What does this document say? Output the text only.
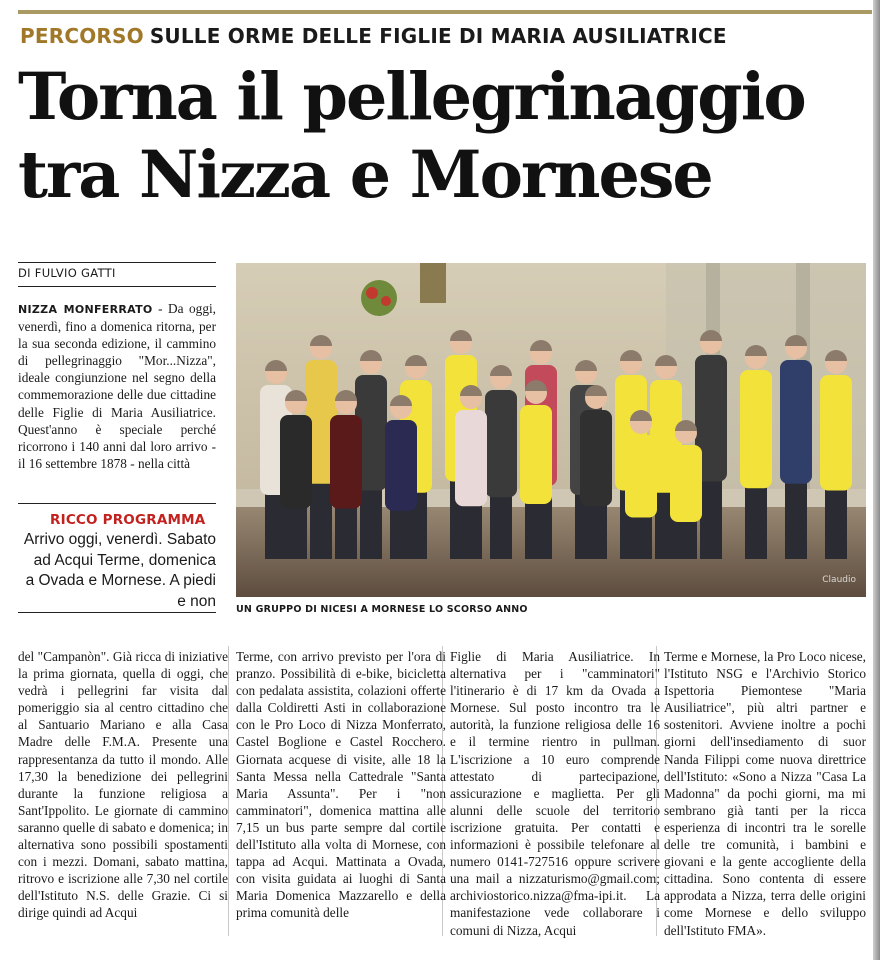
PERCORSO SULLE ORME DELLE FIGLIE DI MARIA AUSILIATRICE
Torna il pellegrinaggio
tra Nizza e Mornese
DI FULVIO GATTI
NIZZA MONFERRATO - Da oggi, venerdì, fino a domenica ritorna, per la sua seconda edizione, il cammino di pellegrinaggio "Mor...Nizza", ideale congiunzione nel segno della commemorazione delle due cittadine delle Figlie di Maria Ausiliatrice. Quest'anno è speciale perché ricorrono i 140 anni dal loro arrivo - il 16 settembre 1878 - nella città
RICCO PROGRAMMA
Arrivo oggi, venerdì. Sabato ad Acqui Terme, domenica a Ovada e Mornese. A piedi e non
Claudio
UN GRUPPO DI NICESI A MORNESE LO SCORSO ANNO
del "Campanòn". Già ricca di iniziative la prima giornata, quella di oggi, che vedrà i pellegrini far visita dal pomeriggio sia al centro cittadino che al Santuario Mariano e alla Casa Madre delle F.M.A. Presente una rappresentanza da tutto il mondo. Alle 17,30 la benedizione dei pellegrini durante la funzione religiosa a Sant'Ippolito. Le giornate di cammino saranno quelle di sabato e domenica; in alternativa sono possibili spostamenti con i mezzi. Domani, sabato mattina, ritrovo e iscrizione alle 7,30 nel cortile dell'Istituto N.S. delle Grazie. Ci si dirige quindi ad Acqui
Terme, con arrivo previsto per l'ora di pranzo. Possibilità di e-bike, bicicletta con pedalata assistita, colazioni offerte dalla Coldiretti Asti in collaborazione con le Pro Loco di Nizza Monferrato, Castel Boglione e Castel Rocchero. Giornata acquese di visite, alle 18 la Santa Messa nella Cattedrale "Santa Maria Assunta". Per i "non camminatori", domenica mattina alle 7,15 un bus parte sempre dal cortile dell'Istituto alla volta di Mornese, con tappa ad Acqui. Mattinata a Ovada, con visita guidata ai luoghi di Santa Maria Domenica Mazzarello e della prima comunità delle
Figlie di Maria Ausiliatrice. In alternativa per i "camminatori" l'itinerario è di 17 km da Ovada a Mornese. Sul posto incontro tra le autorità, la funzione religiosa delle 16 e il termine rientro in pullman. L'iscrizione a 10 euro comprende attestato di partecipazione, assicurazione e maglietta. Per gli alunni delle scuole del territorio iscrizione gratuita. Per contatti e informazioni è possibile telefonare al numero 0141-727516 oppure scrivere una mail a nizzaturismo@gmail.com; archiviostorico.nizza@fma-ipi.it. La manifestazione vede collaborare i comuni di Nizza, Acqui
Terme e Mornese, la Pro Loco nicese, l'Istituto NSG e l'Archivio Storico Ispettoria Piemontese "Maria Ausiliatrice", più altri partner e sostenitori. Avviene inoltre a pochi giorni dell'insediamento di suor Nanda Filippi come nuova direttrice dell'Istituto: «Sono a Nizza "Casa La Madonna" da pochi giorni, ma mi sembrano già tanti per la ricca esperienza di incontri tra le sorelle delle tre comunità, i bambini e giovani e la gente accogliente della cittadina. Sono contenta di essere approdata a Nizza, terra delle origini come Mornese e dello sviluppo dell'Istituto FMA».
